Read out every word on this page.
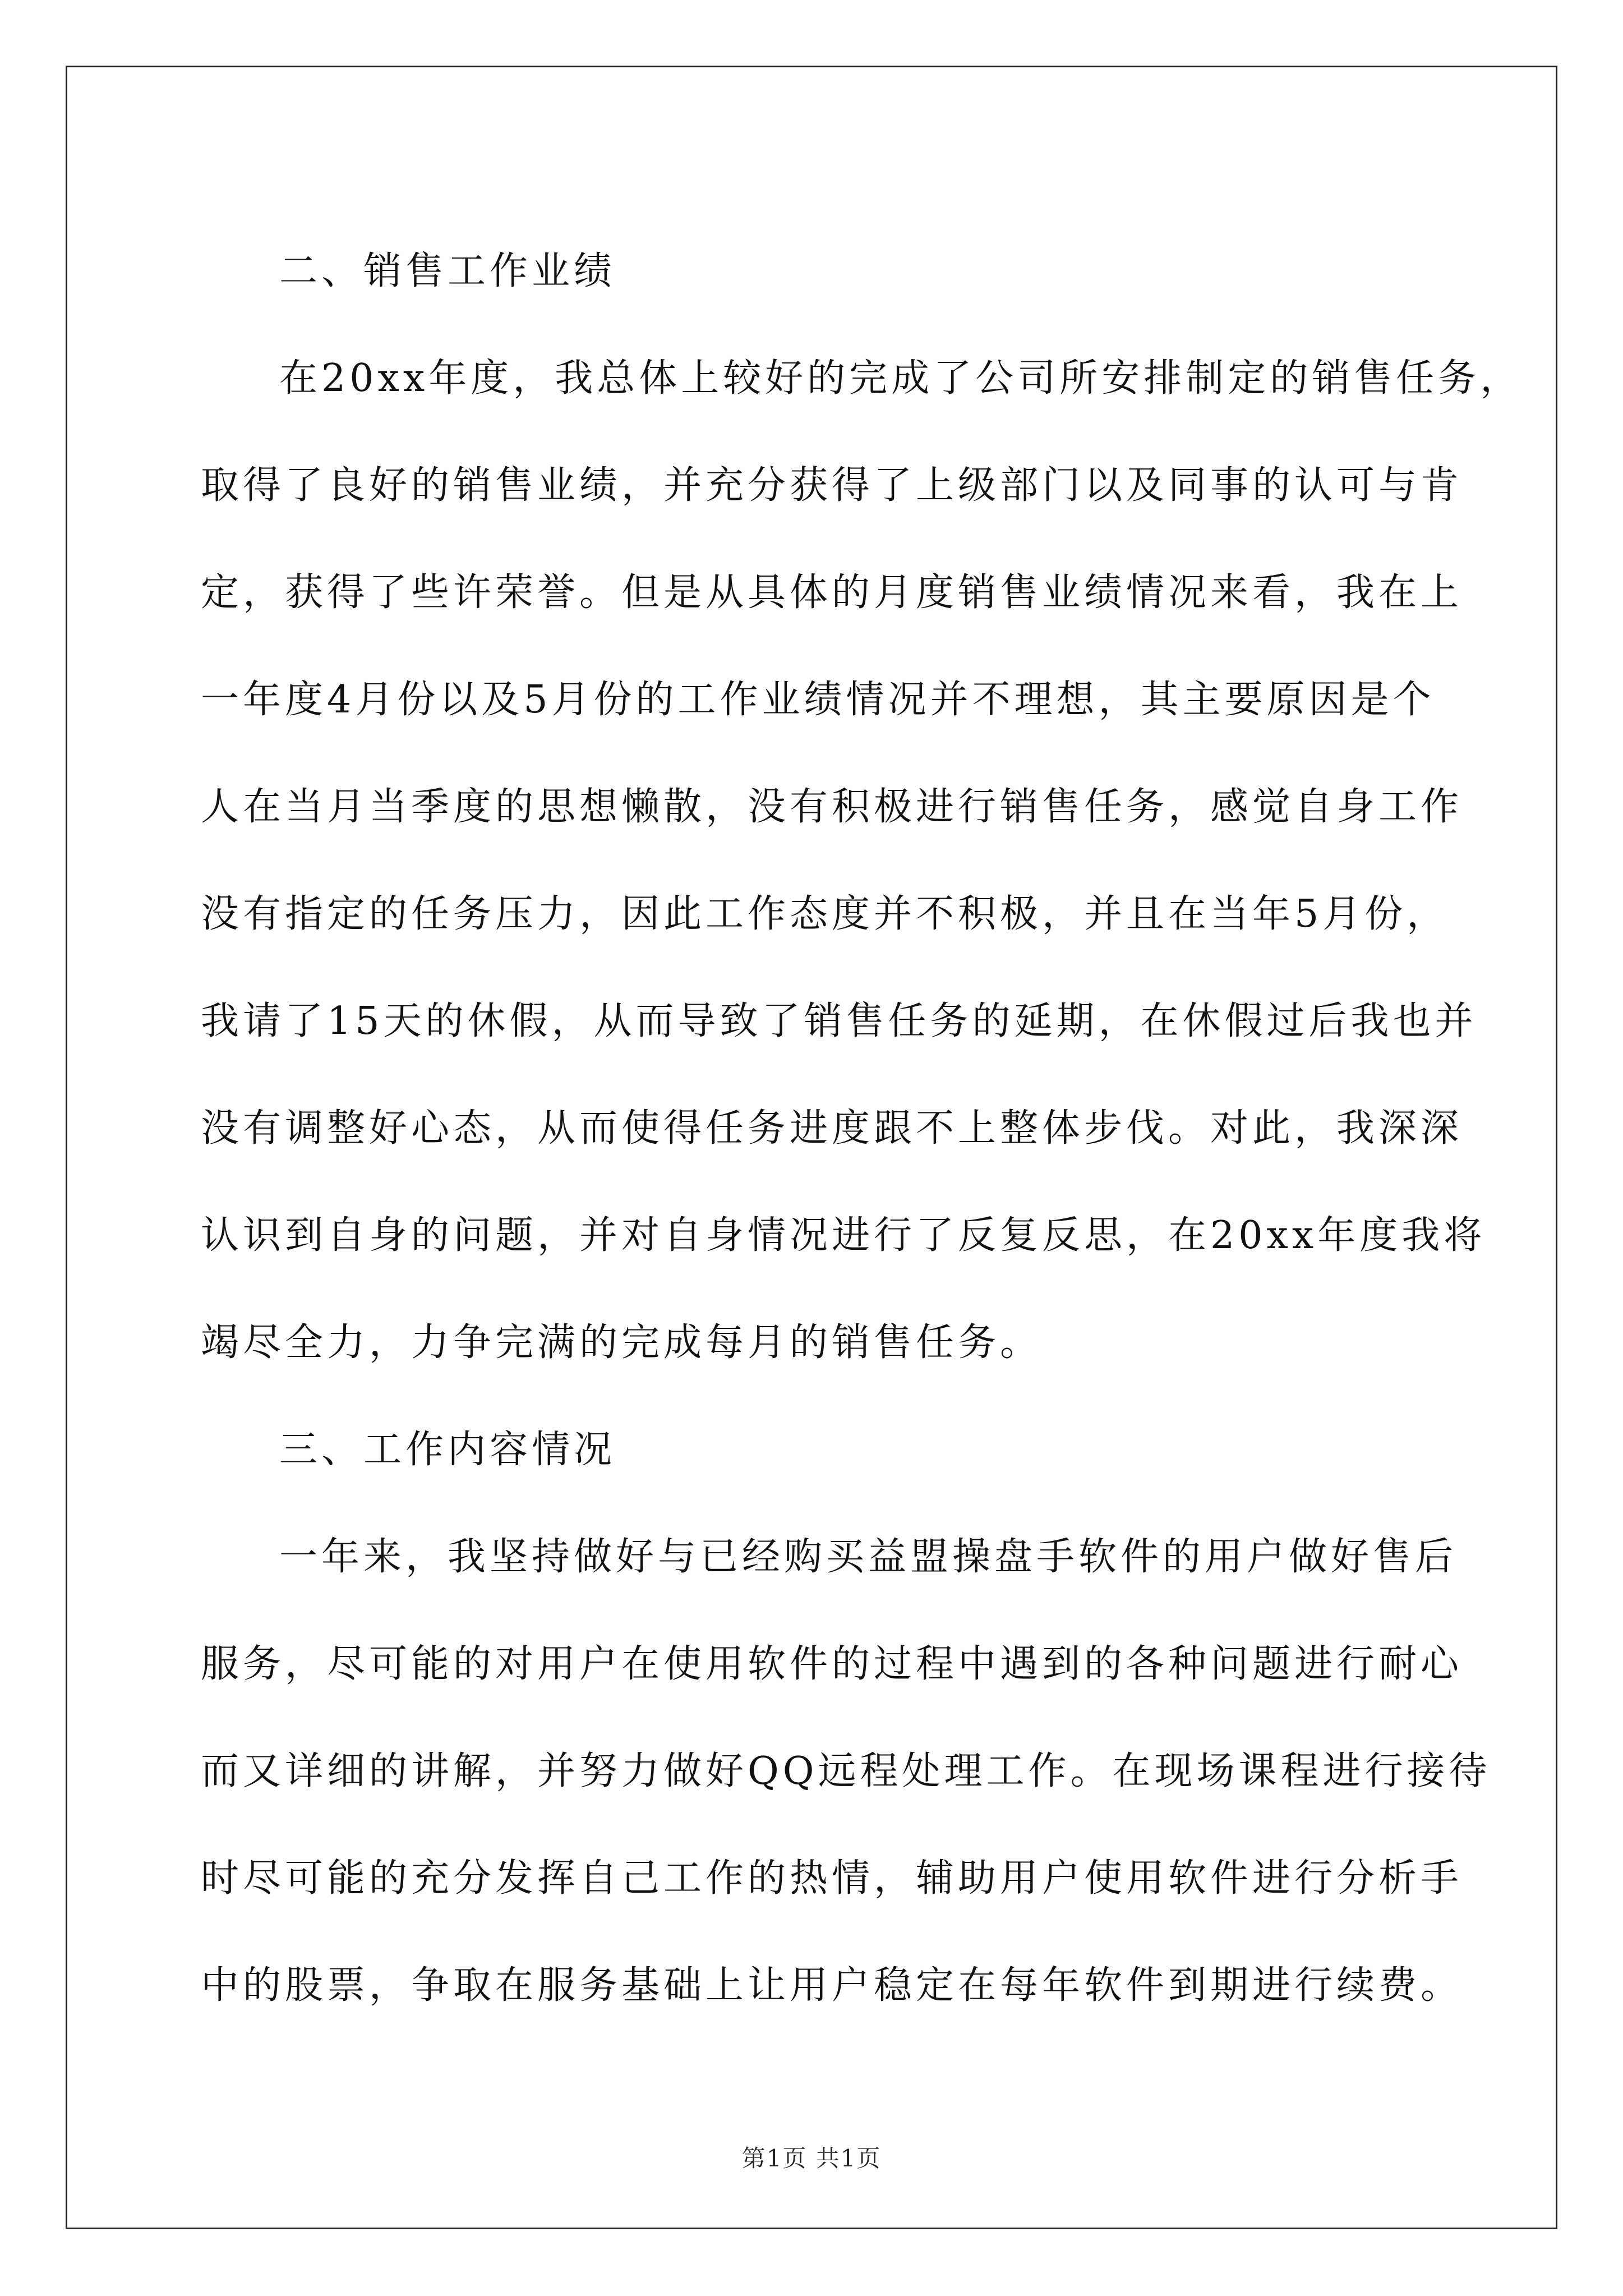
二、销售工作业绩

在20xx年度，我总体上较好的完成了公司所安排制定的销售任务，
取得了良好的销售业绩，并充分获得了上级部门以及同事的认可与肯
定，获得了些许荣誉。但是从具体的月度销售业绩情况来看，我在上
一年度4月份以及5月份的工作业绩情况并不理想，其主要原因是个
人在当月当季度的思想懒散，没有积极进行销售任务，感觉自身工作
没有指定的任务压力，因此工作态度并不积极，并且在当年5月份，
我请了15天的休假，从而导致了销售任务的延期，在休假过后我也并
没有调整好心态，从而使得任务进度跟不上整体步伐。对此，我深深
认识到自身的问题，并对自身情况进行了反复反思，在20xx年度我将
竭尽全力，力争完满的完成每月的销售任务。

三、工作内容情况

一年来，我坚持做好与已经购买益盟操盘手软件的用户做好售后
服务，尽可能的对用户在使用软件的过程中遇到的各种问题进行耐心
而又详细的讲解，并努力做好QQ远程处理工作。在现场课程进行接待
时尽可能的充分发挥自己工作的热情，辅助用户使用软件进行分析手
中的股票，争取在服务基础上让用户稳定在每年软件到期进行续费。
第1页 共1页
